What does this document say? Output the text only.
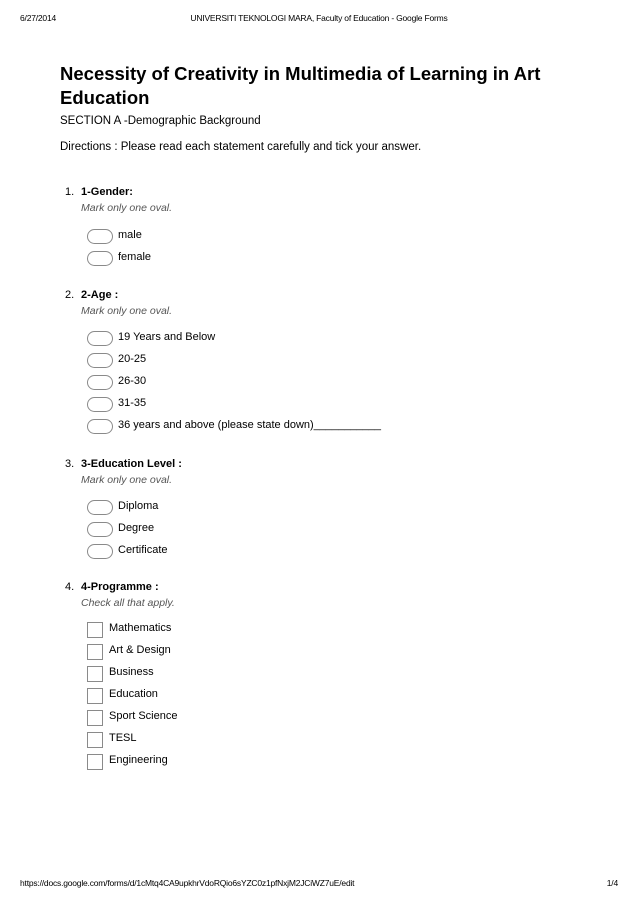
6/27/2014	UNIVERSITI TEKNOLOGI MARA, Faculty of Education - Google Forms
Necessity of Creativity in Multimedia of Learning in Art Education
SECTION A -Demographic Background
Directions : Please read each statement carefully and tick your answer.
1. 1-Gender:
Mark only one oval.
male
female
2. 2-Age :
Mark only one oval.
19 Years and Below
20-25
26-30
31-35
36 years and above (please state down)___________
3. 3-Education Level :
Mark only one oval.
Diploma
Degree
Certificate
4. 4-Programme :
Check all that apply.
Mathematics
Art & Design
Business
Education
Sport Science
TESL
Engineering
https://docs.google.com/forms/d/1cMtq4CA9upkhrVdoRQio6sYZC0z1pfNxjM2JCiWZ7uE/edit	1/4
